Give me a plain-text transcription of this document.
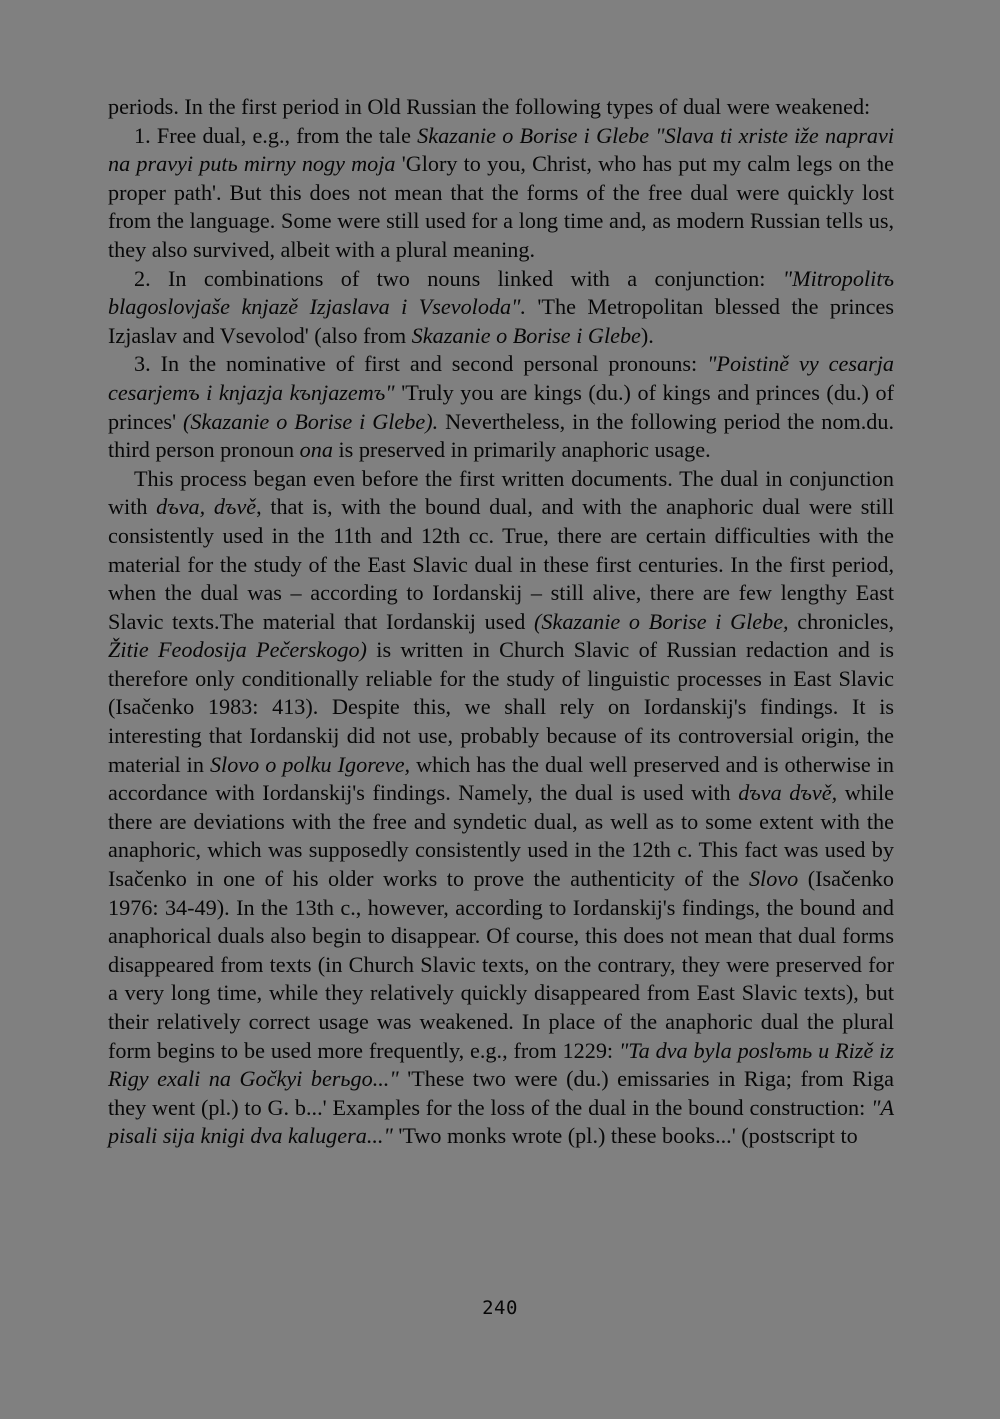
periods. In the first period in Old Russian the following types of dual were weakened:

1. Free dual, e.g., from the tale Skazanie o Borise i Glebe "Slava ti xriste iže napravi na pravyi putь mirny nogy moja 'Glory to you, Christ, who has put my calm legs on the proper path'. But this does not mean that the forms of the free dual were quickly lost from the language. Some were still used for a long time and, as modern Russian tells us, they also survived, albeit with a plural meaning.

2. In combinations of two nouns linked with a conjunction: "Mitropolitъ blagoslovjaše knjazě Izjaslava i Vsevoloda". 'The Metropolitan blessed the princes Izjaslav and Vsevolod' (also from Skazanie o Borise i Glebe).

3. In the nominative of first and second personal pronouns: "Poistině vy cesarja cesarjemъ i knjazja kъnjazemъ" 'Truly you are kings (du.) of kings and princes (du.) of princes' (Skazanie o Borise i Glebe). Nevertheless, in the following period the nom.du. third person pronoun ona is preserved in primarily anaphoric usage.

This process began even before the first written documents. The dual in conjunction with dъva, dъvě, that is, with the bound dual, and with the anaphoric dual were still consistently used in the 11th and 12th cc. True, there are certain difficulties with the material for the study of the East Slavic dual in these first centuries. In the first period, when the dual was – according to Iordanskij – still alive, there are few lengthy East Slavic texts.The material that Iordanskij used (Skazanie o Borise i Glebe, chronicles, Žitie Feodosija Pečerskogo) is written in Church Slavic of Russian redaction and is therefore only conditionally reliable for the study of linguistic processes in East Slavic (Isačenko 1983: 413). Despite this, we shall rely on Iordanskij's findings. It is interesting that Iordanskij did not use, probably because of its controversial origin, the material in Slovo o polku Igoreve, which has the dual well preserved and is otherwise in accordance with Iordanskij's findings. Namely, the dual is used with dъva dъvě, while there are deviations with the free and syndetic dual, as well as to some extent with the anaphoric, which was supposedly consistently used in the 12th c. This fact was used by Isačenko in one of his older works to prove the authenticity of the Slovo (Isačenko 1976: 34-49). In the 13th c., however, according to Iordanskij's findings, the bound and anaphorical duals also begin to disappear. Of course, this does not mean that dual forms disappeared from texts (in Church Slavic texts, on the contrary, they were preserved for a very long time, while they relatively quickly disappeared from East Slavic texts), but their relatively correct usage was weakened. In place of the anaphoric dual the plural form begins to be used more frequently, e.g., from 1229: "Ta dva byla poslъmь u Rizě iz Rigy exali na Gočkyi berьgo..." 'These two were (du.) emissaries in Riga; from Riga they went (pl.) to G. b...' Examples for the loss of the dual in the bound construction: "A pisali sija knigi dva kalugera..." 'Two monks wrote (pl.) these books...' (postscript to

240
